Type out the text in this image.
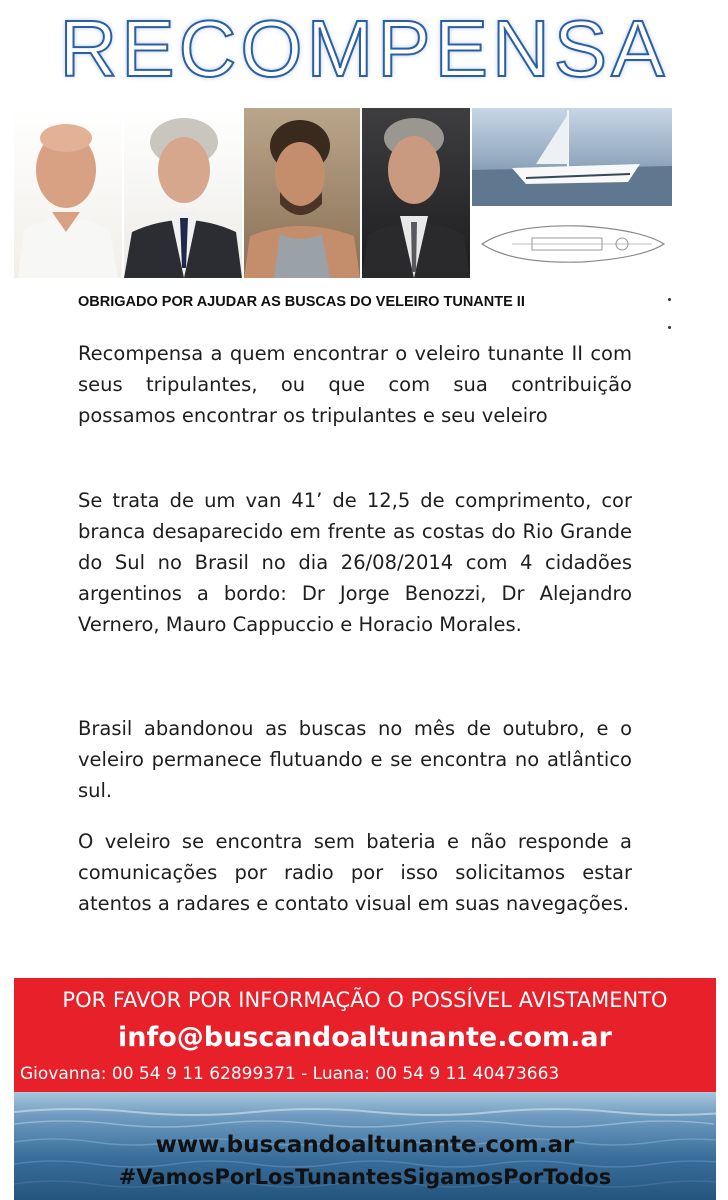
RECOMPENSA
OBRIGADO POR AJUDAR AS BUSCAS DO VELEIRO TUNANTE II

Recompensa a quem encontrar o veleiro tunante II com seus tripulantes, ou que com sua contribuição possamos encontrar os tripulantes e seu veleiro

Se trata de um van 41’ de 12,5 de comprimento, cor branca desaparecido em frente as costas do Rio Grande do Sul no Brasil no dia 26/08/2014 com 4 cidadões argentinos a bordo: Dr Jorge Benozzi, Dr Alejandro Vernero, Mauro Cappuccio e Horacio Morales.

Brasil abandonou as buscas no mês de outubro, e o veleiro permanece flutuando e se encontra no atlântico sul.

O veleiro se encontra sem bateria e não responde a comunicações por radio por isso solicitamos estar atentos a radares e contato visual em suas navegações.

POR FAVOR POR INFORMAÇÃO O POSSÍVEL AVISTAMENTO
info@buscandoaltunante.com.ar
Giovanna: 00 54 9 11 62899371 - Luana: 00 54 9 11 40473663
www.buscandoaltunante.com.ar
#VamosPorLosTunantesSigamosPorTodos
